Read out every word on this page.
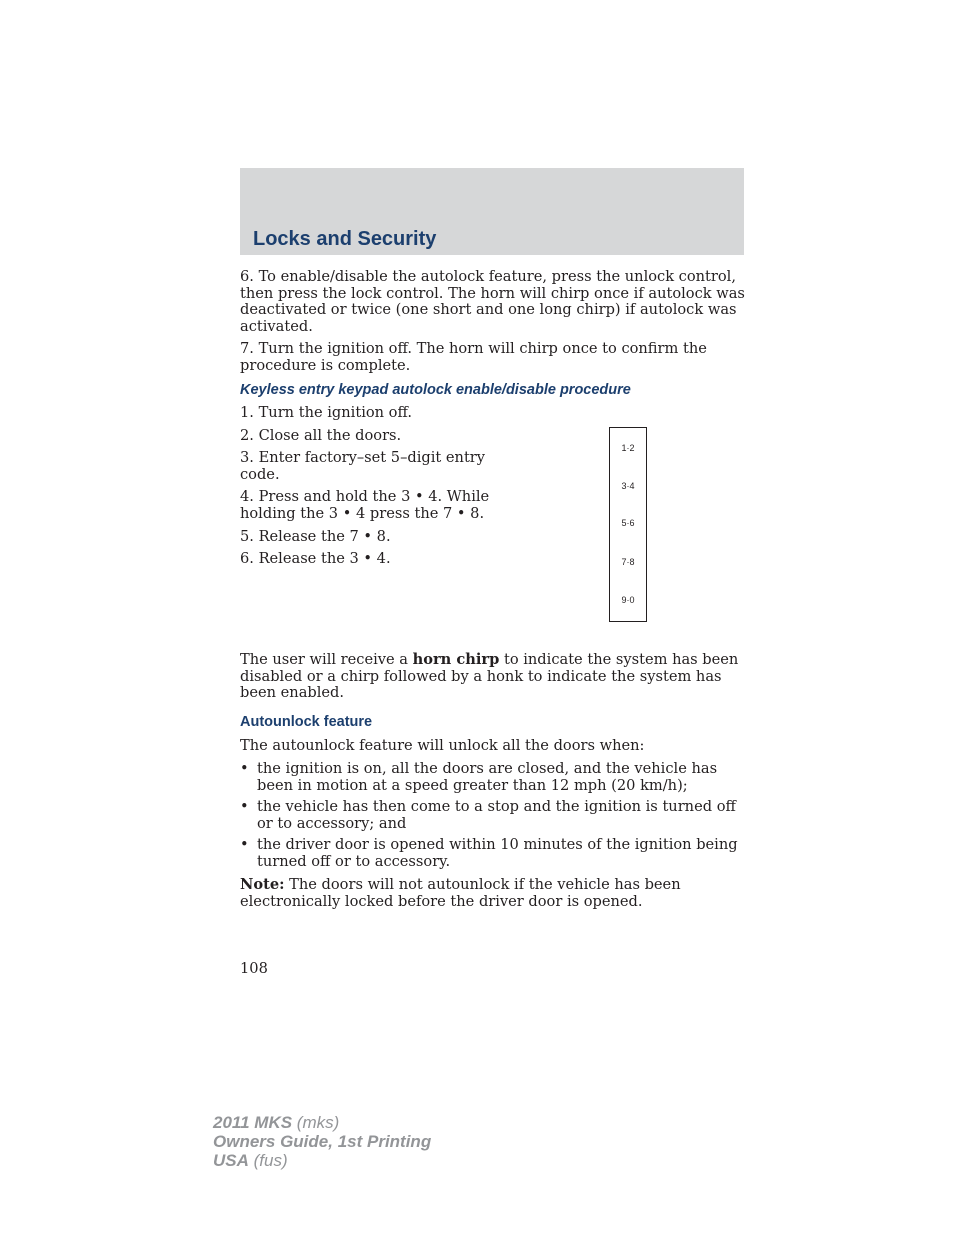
Locks and Security

6. To enable/disable the autolock feature, press the unlock control, then press the lock control. The horn will chirp once if autolock was deactivated or twice (one short and one long chirp) if autolock was activated.

7. Turn the ignition off. The horn will chirp once to confirm the procedure is complete.

Keyless entry keypad autolock enable/disable procedure
1. Turn the ignition off.
2. Close all the doors.
3. Enter factory–set 5–digit entry code.
4. Press and hold the 3 • 4. While holding the 3 • 4 press the 7 • 8.
5. Release the 7 • 8.
6. Release the 3 • 4.
1·2
3·4
5·6
7·8
9·0

The user will receive a horn chirp to indicate the system has been disabled or a chirp followed by a honk to indicate the system has been enabled.

Autounlock feature

The autounlock feature will unlock all the doors when:

• the ignition is on, all the doors are closed, and the vehicle has been in motion at a speed greater than 12 mph (20 km/h);
• the vehicle has then come to a stop and the ignition is turned off or to accessory; and
• the driver door is opened within 10 minutes of the ignition being turned off or to accessory.

Note: The doors will not autounlock if the vehicle has been electronically locked before the driver door is opened.

108

2011 MKS (mks)
Owners Guide, 1st Printing
USA (fus)
